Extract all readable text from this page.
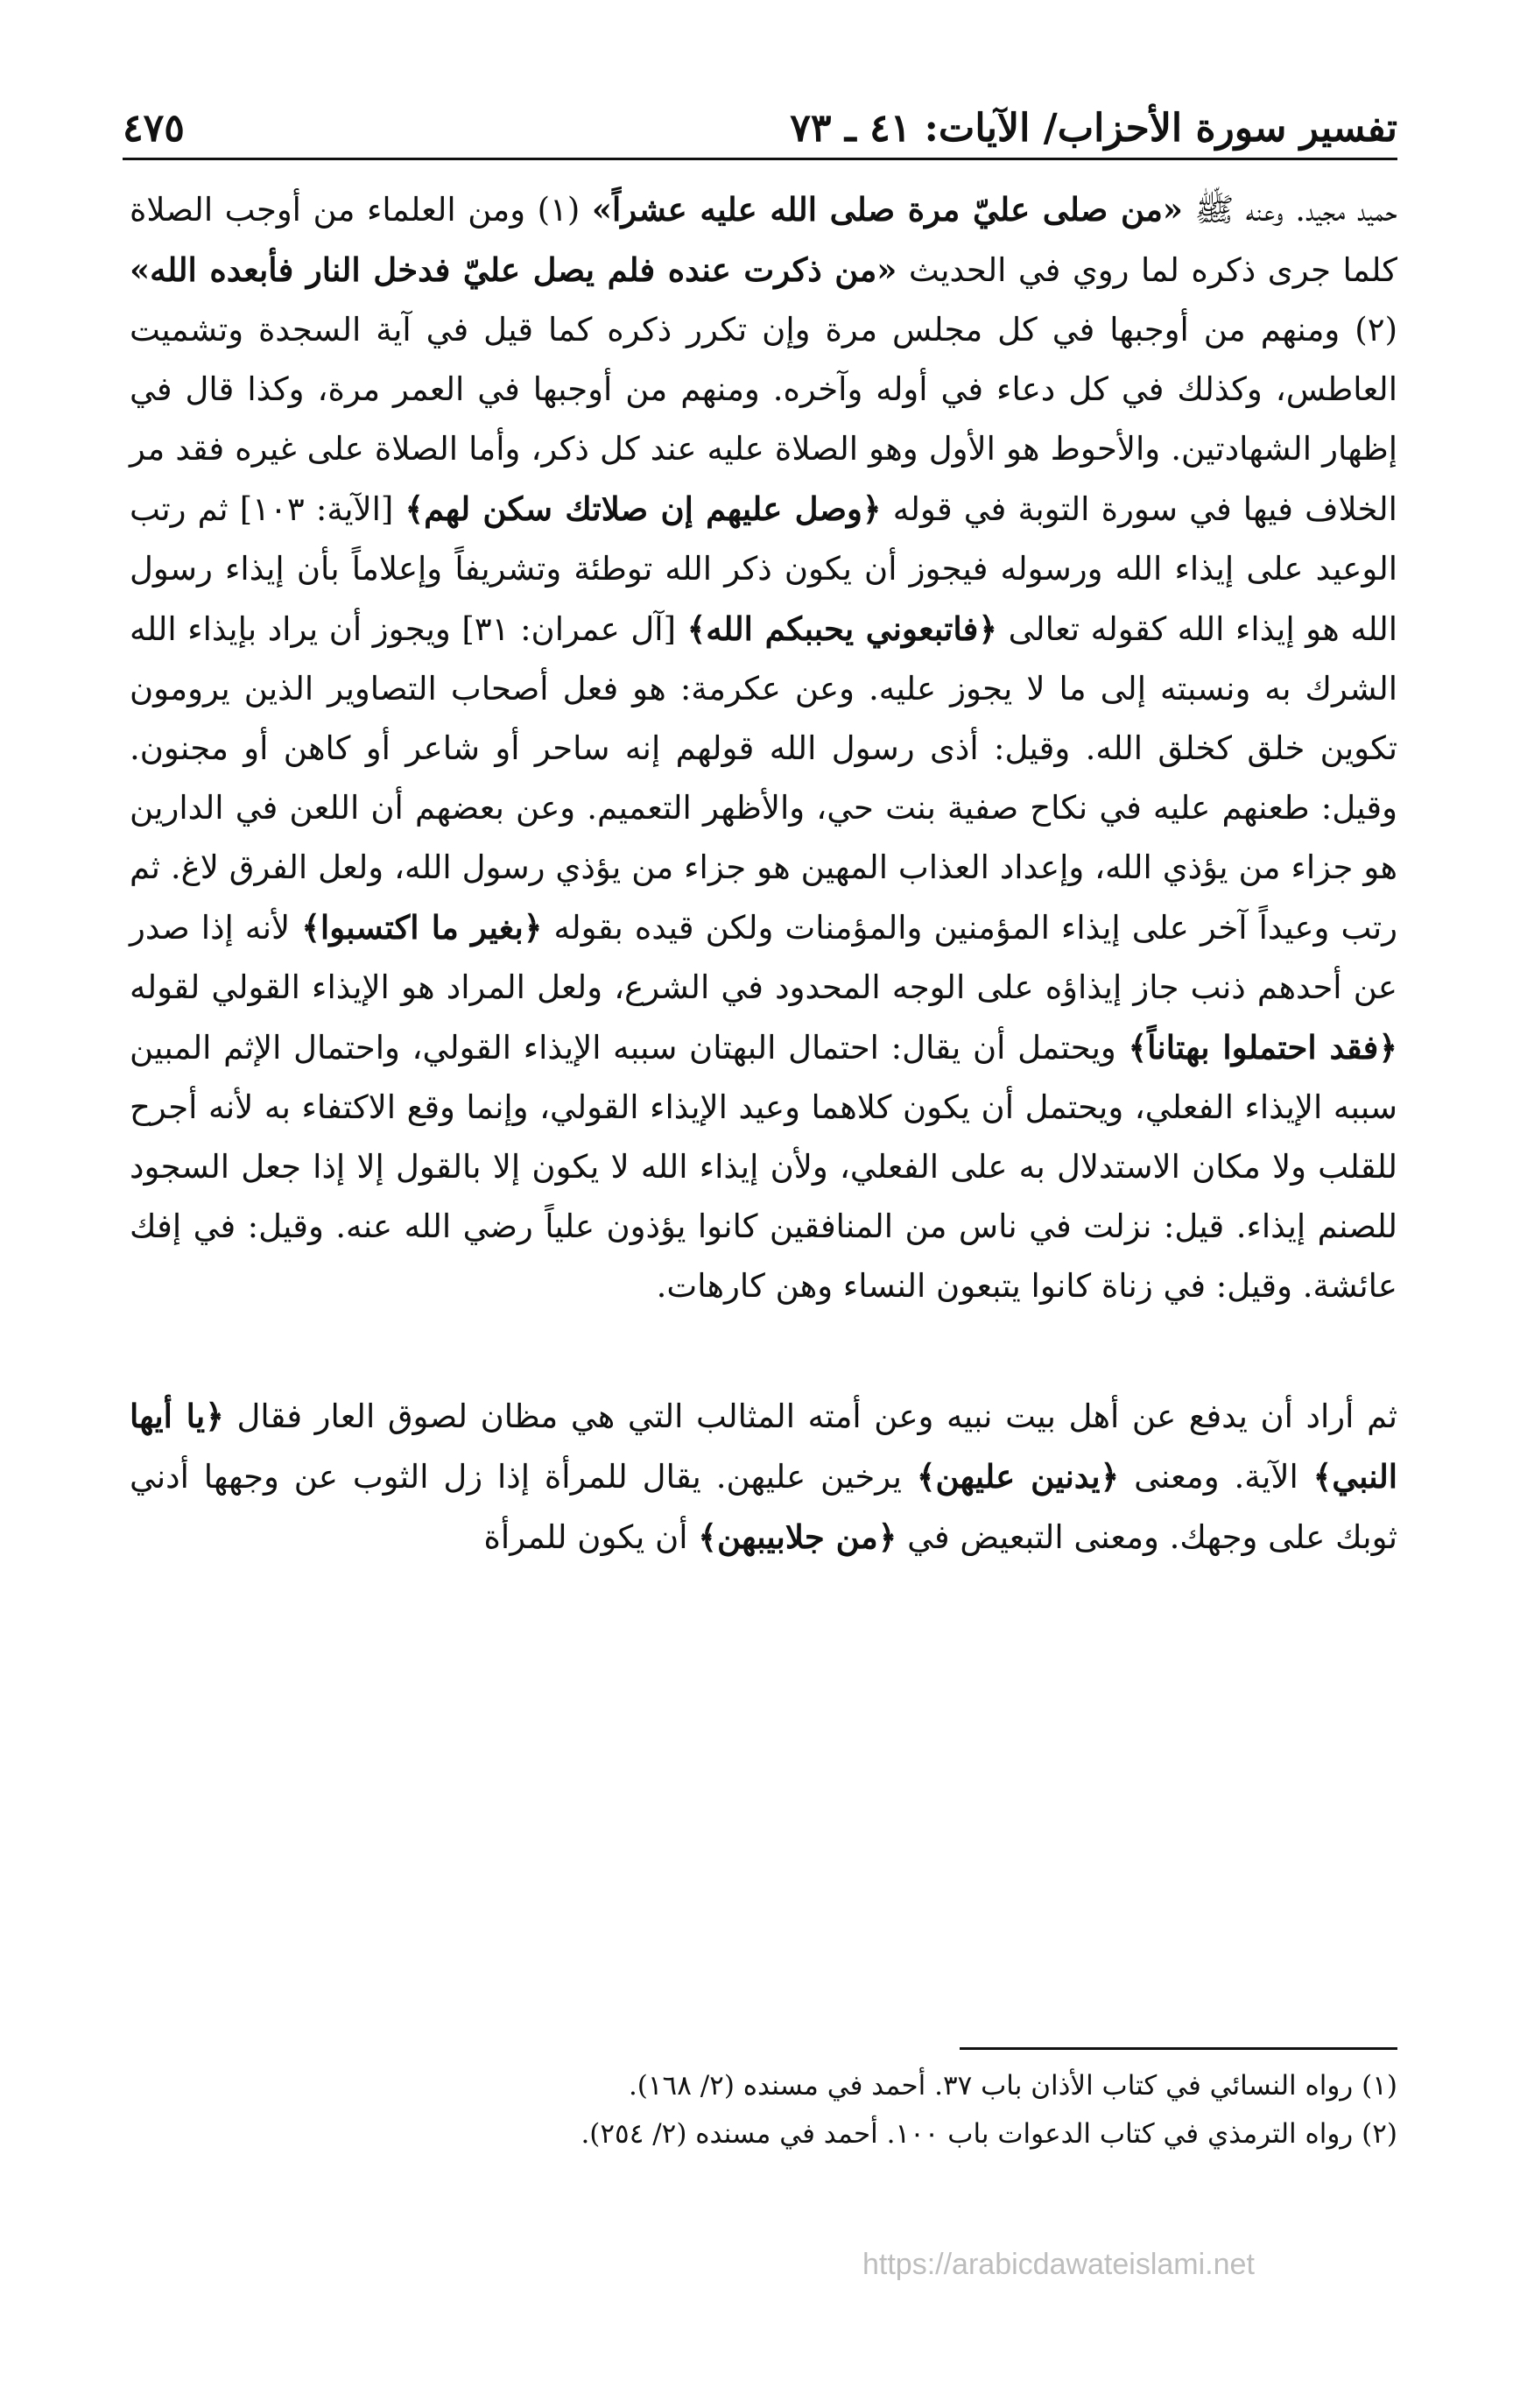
تفسير سورة الأحزاب/ الآيات: ٤١ ـ ٧٣
٤٧٥

حميد مجيد. وعنه ﷺ «من صلى عليّ مرة صلى الله عليه عشراً» (١) ومن العلماء من أوجب الصلاة كلما جرى ذكره لما روي في الحديث «من ذكرت عنده فلم يصل عليّ فدخل النار فأبعده الله» (٢) ومنهم من أوجبها في كل مجلس مرة وإن تكرر ذكره كما قيل في آية السجدة وتشميت العاطس، وكذلك في كل دعاء في أوله وآخره. ومنهم من أوجبها في العمر مرة، وكذا قال في إظهار الشهادتين. والأحوط هو الأول وهو الصلاة عليه عند كل ذكر، وأما الصلاة على غيره فقد مر الخلاف فيها في سورة التوبة في قوله ﴿وصل عليهم إن صلاتك سكن لهم﴾ [الآية: ١٠٣] ثم رتب الوعيد على إيذاء الله ورسوله فيجوز أن يكون ذكر الله توطئة وتشريفاً وإعلاماً بأن إيذاء رسول الله هو إيذاء الله كقوله تعالى ﴿فاتبعوني يحببكم الله﴾ [آل عمران: ٣١] ويجوز أن يراد بإيذاء الله الشرك به ونسبته إلى ما لا يجوز عليه. وعن عكرمة: هو فعل أصحاب التصاوير الذين يرومون تكوين خلق كخلق الله. وقيل: أذى رسول الله قولهم إنه ساحر أو شاعر أو كاهن أو مجنون. وقيل: طعنهم عليه في نكاح صفية بنت حي، والأظهر التعميم. وعن بعضهم أن اللعن في الدارين هو جزاء من يؤذي الله، وإعداد العذاب المهين هو جزاء من يؤذي رسول الله، ولعل الفرق لاغ. ثم رتب وعيداً آخر على إيذاء المؤمنين والمؤمنات ولكن قيده بقوله ﴿بغير ما اكتسبوا﴾ لأنه إذا صدر عن أحدهم ذنب جاز إيذاؤه على الوجه المحدود في الشرع، ولعل المراد هو الإيذاء القولي لقوله ﴿فقد احتملوا بهتاناً﴾ ويحتمل أن يقال: احتمال البهتان سببه الإيذاء القولي، واحتمال الإثم المبين سببه الإيذاء الفعلي، ويحتمل أن يكون كلاهما وعيد الإيذاء القولي، وإنما وقع الاكتفاء به لأنه أجرح للقلب ولا مكان الاستدلال به على الفعلي، ولأن إيذاء الله لا يكون إلا بالقول إلا إذا جعل السجود للصنم إيذاء. قيل: نزلت في ناس من المنافقين كانوا يؤذون علياً رضي الله عنه. وقيل: في إفك عائشة. وقيل: في زناة كانوا يتبعون النساء وهن كارهات.

ثم أراد أن يدفع عن أهل بيت نبيه وعن أمته المثالب التي هي مظان لصوق العار فقال ﴿يا أيها النبي﴾ الآية. ومعنى ﴿يدنين عليهن﴾ يرخين عليهن. يقال للمرأة إذا زل الثوب عن وجهها أدني ثوبك على وجهك. ومعنى التبعيض في ﴿من جلابيبهن﴾ أن يكون للمرأة

(١) رواه النسائي في كتاب الأذان باب ٣٧. أحمد في مسنده (٢/ ١٦٨).
(٢) رواه الترمذي في كتاب الدعوات باب ١٠٠. أحمد في مسنده (٢/ ٢٥٤).
https://arabicdawateislami.net
